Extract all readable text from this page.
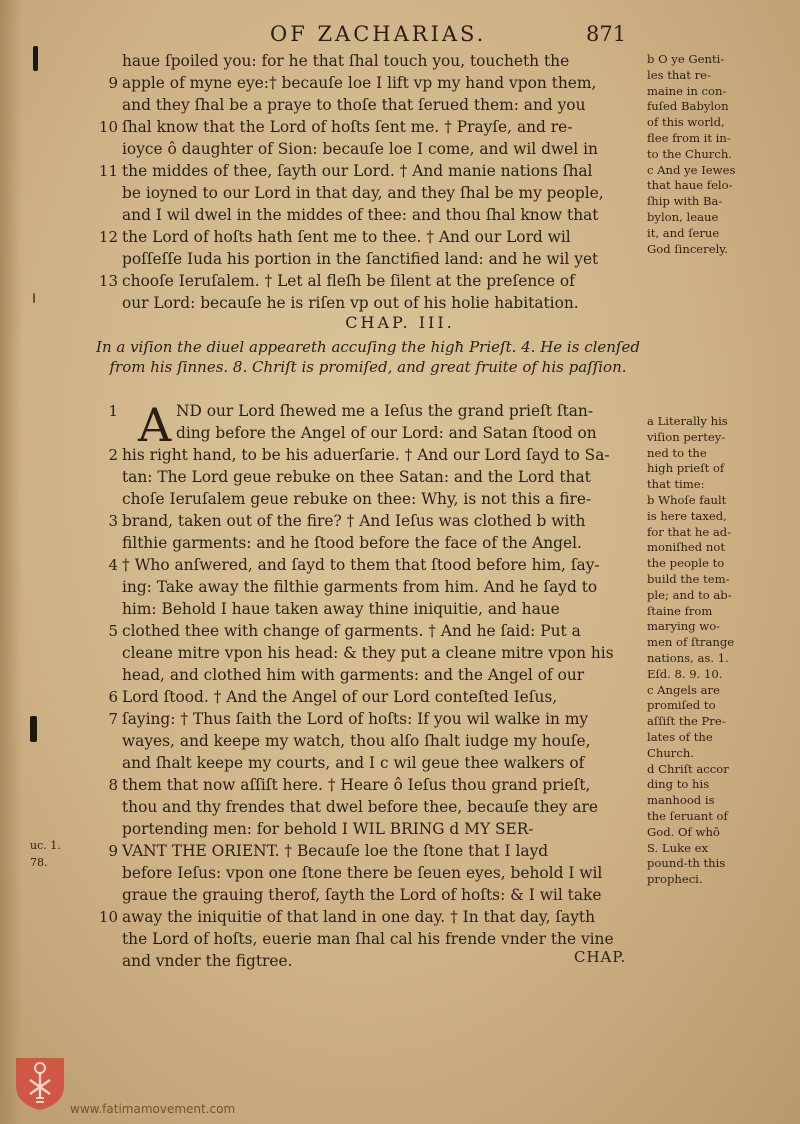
OF ZACHARIAS.	871
haue ſpoiled you: for he that ſhal touch you, toucheth the
apple of myne eye:† becauſe loe I lift vp my hand vpon them,
and they ſhal be a praye to thoſe that ſerued them: and you
ſhal know that the Lord of hoſts ſent me. † Prayſe, and re-
ioyce ô daughter of Sion: becauſe loe I come, and wil dwel in
the middes of thee, ſayth our Lord. † And manie nations ſhal
be ioyned to our Lord in that day, and they ſhal be my people,
and I wil dwel in the middes of thee: and thou ſhal know that
the Lord of hoſts hath ſent me to thee. † And our Lord wil
poſſeſſe Iuda his portion in the ſanctified land: and he wil yet
chooſe Ieruſalem. † Let al fleſh be ſilent at the preſence of
our Lord: becauſe he is riſen vp out of his holie habitation.
9
10
11
12
13
b O ye Genti-
les that re-
maine in con-
fuſed Babylon
of this world,
flee from it in-
to the Church.
c And ye Iewes
that haue felo-
ſhip with Ba-
bylon, leaue
it, and ſerue
God ſincerely.
CHAP. III.
In a viſion the diuel appeareth accuſing the higħ Prieſt. 4. He is clenſed
from his ſinnes. 8. Chriſt is promiſed, and great fruite of his paſſion.
A ND our Lord ſhewed me a Ieſus the grand prieſt ſtan-
ding before the Angel of our Lord: and Satan ſtood on
his right hand, to be his aduerſarie. † And our Lord ſayd to Sa-
tan: The Lord geue rebuke on thee Satan: and the Lord that
choſe Ieruſalem geue rebuke on thee: Why, is not this a fire-
brand, taken out of the fire? † And Ieſus was clothed b with
filthie garments: and he ſtood before the face of the Angel.
† Who anſwered, and ſayd to them that ſtood before him, ſay-
ing: Take away the filthie garments from him. And he ſayd to
him: Behold I haue taken away thine iniquitie, and haue
clothed thee with change of garments. † And he ſaid: Put a
cleane mitre vpon his head: & they put a cleane mitre vpon his
head, and clothed him with garments: and the Angel of our
Lord ſtood. † And the Angel of our Lord conteſted Ieſus,
ſaying: † Thus ſaith the Lord of hoſts: If you wil walke in my
wayes, and keepe my watch, thou alſo ſhalt iudge my houſe,
and ſhalt keepe my courts, and I c wil geue thee walkers of
them that now aſſiſt here. † Heare ô Ieſus thou grand prieſt,
thou and thy frendes that dwel before thee, becauſe they are
portending men: for behold I WIL BRING d MY SER-
VANT THE ORIENT. † Becauſe loe the ſtone that I layd
before Ieſus: vpon one ſtone there be ſeuen eyes, behold I wil
graue the grauing therof, ſayth the Lord of hoſts: & I wil take
away the iniquitie of that land in one day. † In that day, ſayth
the Lord of hoſts, euerie man ſhal cal his frende vnder the vine
and vnder the figtree.
1
2
3
4
5
6
7
8
9
10
a Literally his
viſion pertey-
ned to the
high prieſt of
that time:
b Whoſe fault
is here taxed,
for that he ad-
moniſhed not
the people to
build the tem-
ple; and to ab-
ſtaine from
marying wo-
men of ſtrange
nations, as. 1.
Eſd. 8. 9. 10.
c Angels are
promiſed to
aſſiſt the Pre-
lates of the
Church.
d Chriſt accor
ding to his
manhood is
the ſeruant of
God. Of whō
S. Luke ex
pound-th this
propheci.
uc. 1.
78.
CHAP.
www.fatimamovement.com
